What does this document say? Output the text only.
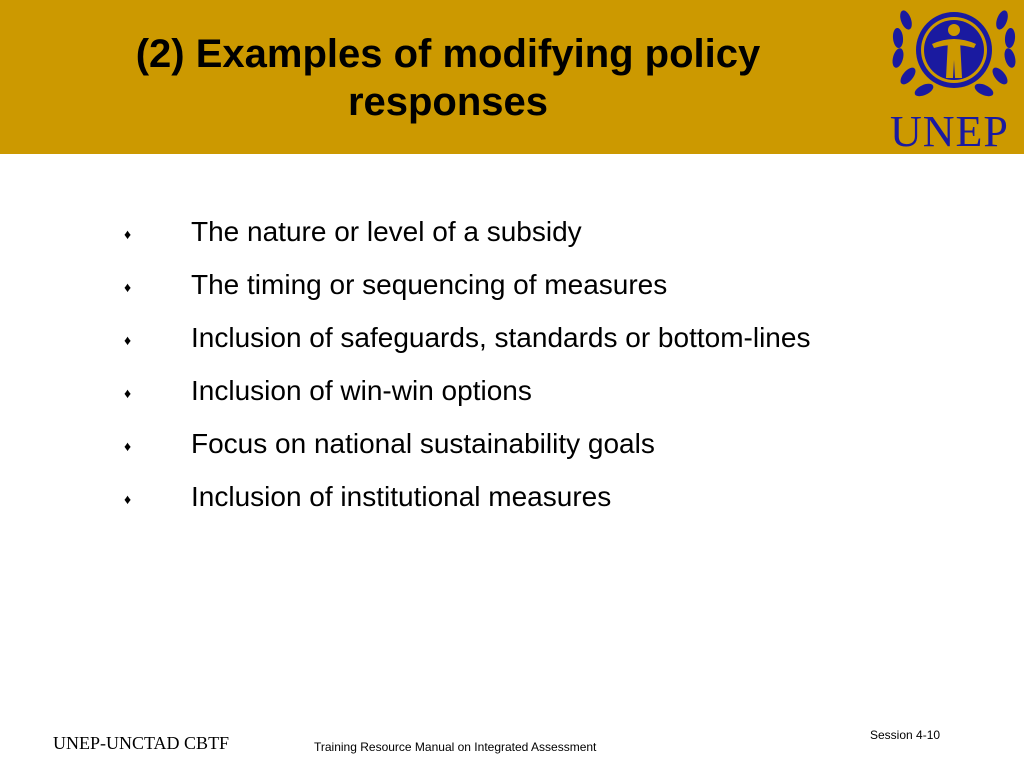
(2) Examples of modifying policy responses
UNEP
♦ The nature or level of a subsidy
♦ The timing or sequencing of measures
♦ Inclusion of safeguards, standards or bottom-lines
♦ Inclusion of win-win options
♦ Focus on national sustainability goals
♦ Inclusion of institutional measures
UNEP-UNCTAD CBTF	Training Resource Manual on Integrated Assessment
Session 4-10
